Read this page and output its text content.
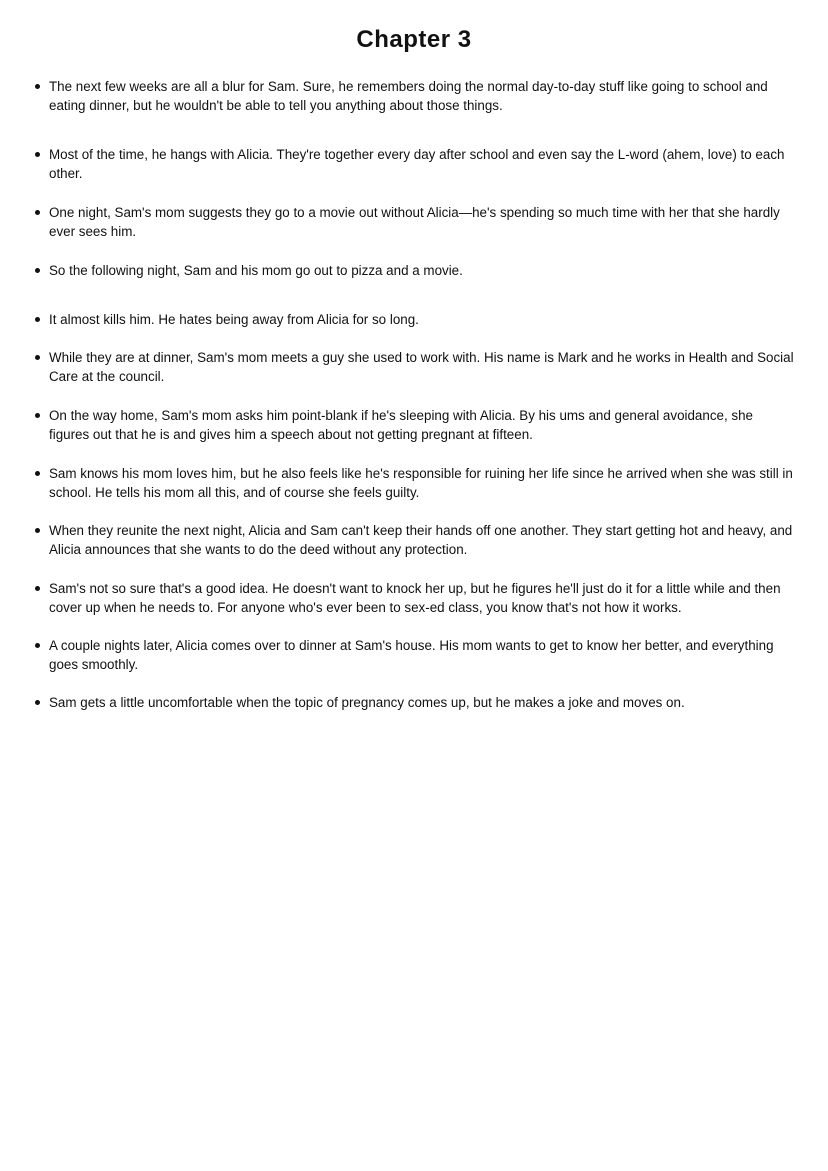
Chapter 3
The next few weeks are all a blur for Sam. Sure, he remembers doing the normal day-to-day stuff like going to school and eating dinner, but he wouldn't be able to tell you anything about those things.
Most of the time, he hangs with Alicia. They're together every day after school and even say the L-word (ahem, love) to each other.
One night, Sam's mom suggests they go to a movie out without Alicia—he's spending so much time with her that she hardly ever sees him.
So the following night, Sam and his mom go out to pizza and a movie.
It almost kills him. He hates being away from Alicia for so long.
While they are at dinner, Sam's mom meets a guy she used to work with. His name is Mark and he works in Health and Social Care at the council.
On the way home, Sam's mom asks him point-blank if he's sleeping with Alicia. By his ums and general avoidance, she figures out that he is and gives him a speech about not getting pregnant at fifteen.
Sam knows his mom loves him, but he also feels like he's responsible for ruining her life since he arrived when she was still in school. He tells his mom all this, and of course she feels guilty.
When they reunite the next night, Alicia and Sam can't keep their hands off one another. They start getting hot and heavy, and Alicia announces that she wants to do the deed without any protection.
Sam's not so sure that's a good idea. He doesn't want to knock her up, but he figures he'll just do it for a little while and then cover up when he needs to. For anyone who's ever been to sex-ed class, you know that's not how it works.
A couple nights later, Alicia comes over to dinner at Sam's house. His mom wants to get to know her better, and everything goes smoothly.
Sam gets a little uncomfortable when the topic of pregnancy comes up, but he makes a joke and moves on.
